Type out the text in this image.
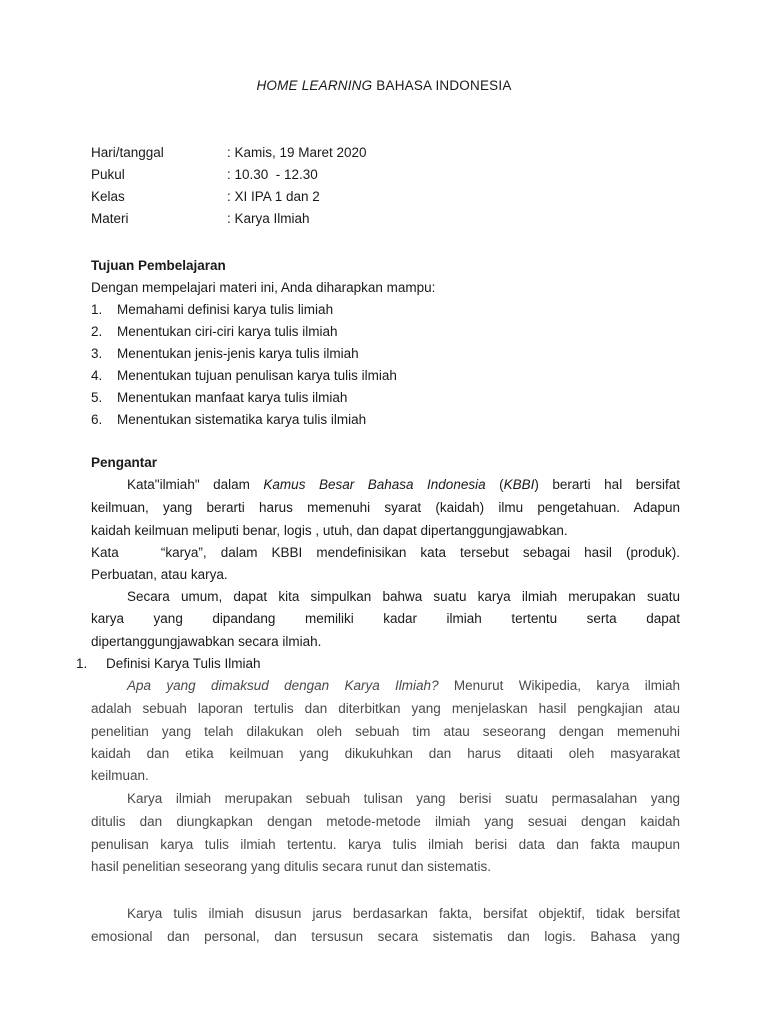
HOME LEARNING BAHASA INDONESIA
Hari/tanggal	: Kamis, 19 Maret 2020
Pukul	: 10.30  - 12.30
Kelas	: XI IPA 1 dan 2
Materi	: Karya Ilmiah
Tujuan Pembelajaran
Dengan mempelajari materi ini, Anda diharapkan mampu:
1. Memahami definisi karya tulis limiah
2. Menentukan ciri-ciri karya tulis ilmiah
3. Menentukan jenis-jenis karya tulis ilmiah
4. Menentukan tujuan penulisan karya tulis ilmiah
5. Menentukan manfaat karya tulis ilmiah
6. Menentukan sistematika karya tulis ilmiah
Pengantar
Kata"ilmiah" dalam Kamus Besar Bahasa Indonesia (KBBI) berarti hal bersifat
keilmuan, yang berarti harus memenuhi syarat (kaidah) ilmu pengetahuan. Adapun
kaidah keilmuan meliputi benar, logis , utuh, dan dapat dipertanggungjawabkan.
Kata   “karya”, dalam KBBI mendefinisikan kata tersebut sebagai hasil (produk).
Perbuatan, atau karya.
Secara umum, dapat kita simpulkan bahwa suatu karya ilmiah merupakan suatu
karya yang dipandang memiliki kadar ilmiah tertentu serta dapat
dipertanggungjawabkan secara ilmiah.
1. Definisi Karya Tulis Ilmiah
Apa yang dimaksud dengan Karya Ilmiah? Menurut Wikipedia, karya ilmiah
adalah sebuah laporan tertulis dan diterbitkan yang menjelaskan hasil pengkajian atau
penelitian yang telah dilakukan oleh sebuah tim atau seseorang dengan memenuhi
kaidah dan etika keilmuan yang dikukuhkan dan harus ditaati oleh masyarakat
keilmuan.
Karya ilmiah merupakan sebuah tulisan yang berisi suatu permasalahan yang
ditulis dan diungkapkan dengan metode-metode ilmiah yang sesuai dengan kaidah
penulisan karya tulis ilmiah tertentu. karya tulis ilmiah berisi data dan fakta maupun
hasil penelitian seseorang yang ditulis secara runut dan sistematis.
Karya tulis ilmiah disusun jarus berdasarkan fakta, bersifat objektif, tidak bersifat
emosional dan personal, dan tersusun secara sistematis dan logis. Bahasa yang
